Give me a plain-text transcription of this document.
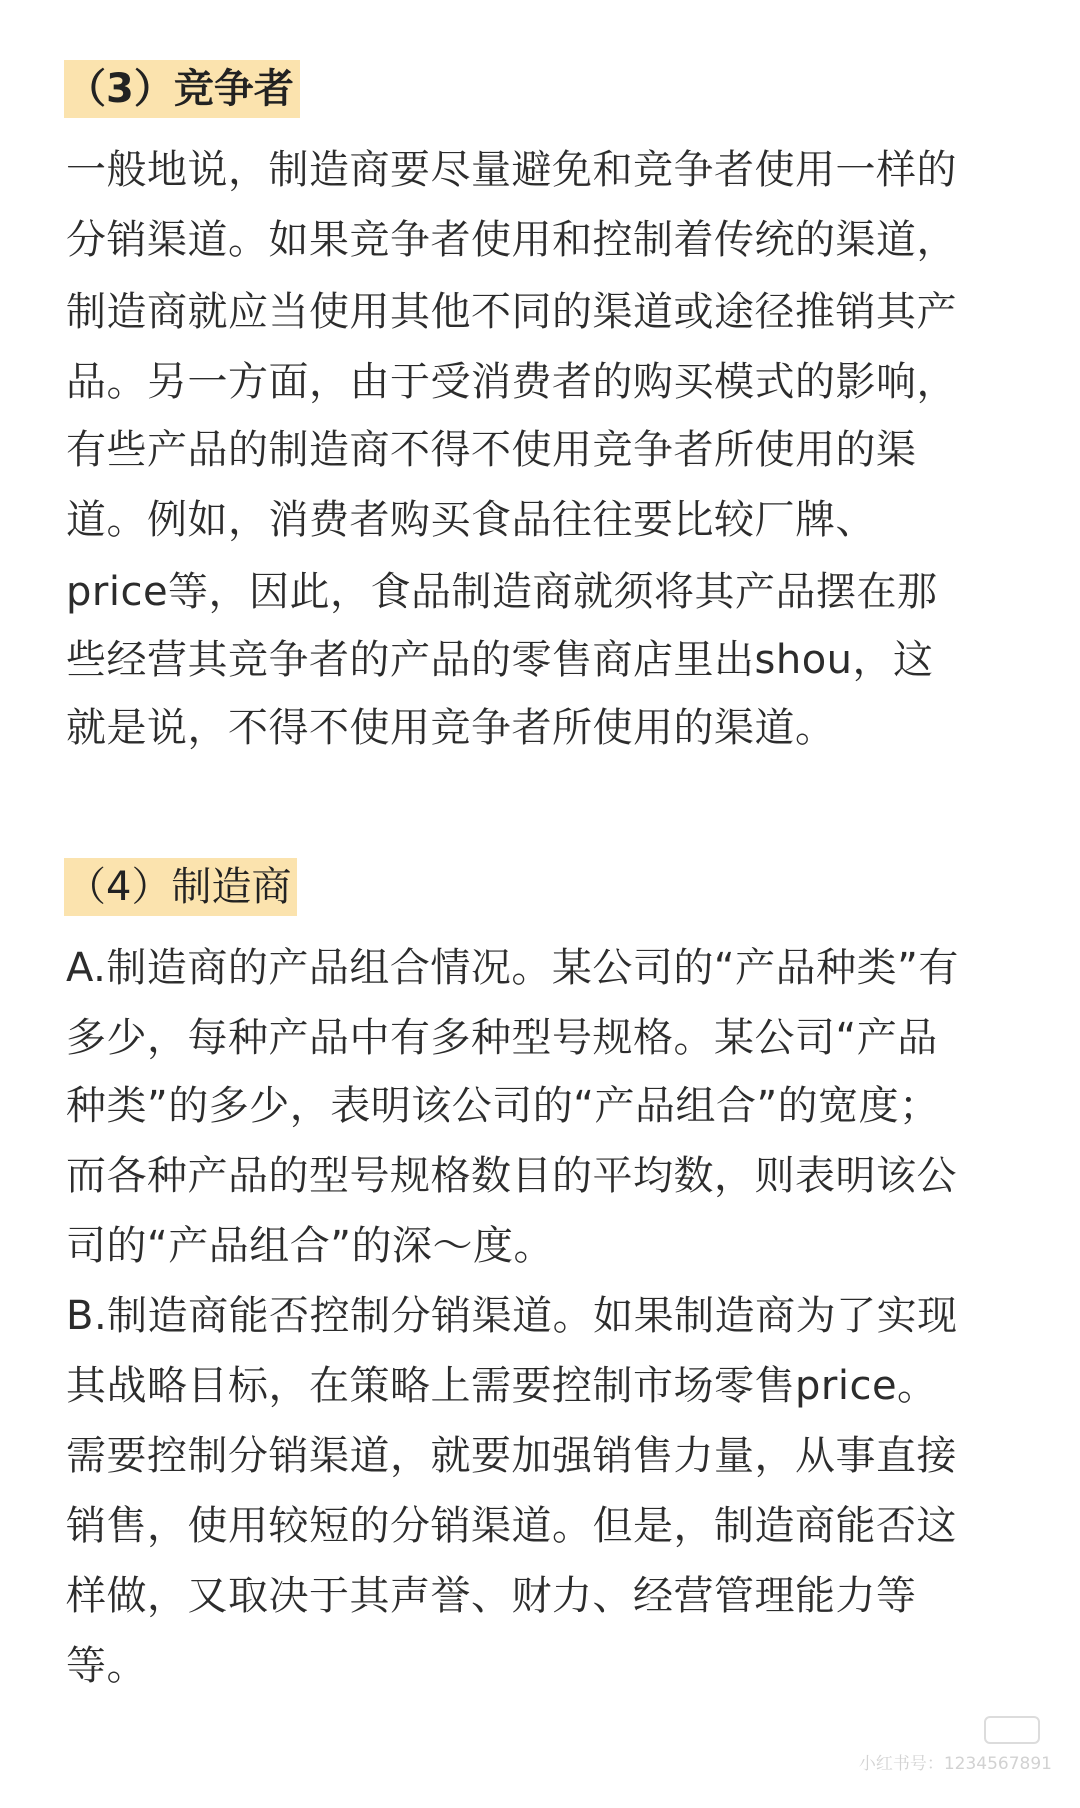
（3）竞争者
一般地说，制造商要尽量避免和竞争者使用一样的
分销渠道。如果竞争者使用和控制着传统的渠道，
制造商就应当使用其他不同的渠道或途径推销其产
品。另一方面，由于受消费者的购买模式的影响，
有些产品的制造商不得不使用竞争者所使用的渠
道。例如，消费者购买食品往往要比较厂牌、
price等，因此，食品制造商就须将其产品摆在那
些经营其竞争者的产品的零售商店里出shou，这
就是说，不得不使用竞争者所使用的渠道。
（4）制造商
A.制造商的产品组合情况。某公司的“产品种类”有
多少，每种产品中有多种型号规格。某公司“产品
种类”的多少，表明该公司的“产品组合”的宽度；
而各种产品的型号规格数目的平均数，则表明该公
司的“产品组合”的深～度。
B.制造商能否控制分销渠道。如果制造商为了实现
其战略目标，在策略上需要控制市场零售price。
需要控制分销渠道，就要加强销售力量，从事直接
销售，使用较短的分销渠道。但是，制造商能否这
样做，又取决于其声誉、财力、经营管理能力等
等。
小红书号：1234567891
